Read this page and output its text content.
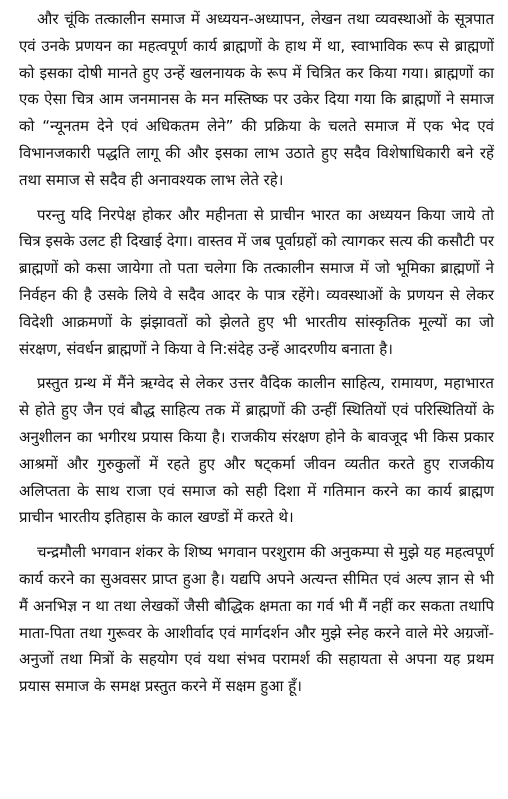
और चूंकि तत्कालीन समाज में अध्ययन-अध्यापन, लेखन तथा व्यवस्थाओं के सूत्रपात एवं उनके प्रणयन का महत्वपूर्ण कार्य ब्राह्मणों के हाथ में था, स्वाभाविक रूप से ब्राह्मणों को इसका दोषी मानते हुए उन्हें खलनायक के रूप में चित्रित कर किया गया। ब्राह्मणों का एक ऐसा चित्र आम जनमानस के मन मस्तिष्क पर उकेर दिया गया कि ब्राह्मणों ने समाज को “न्यूनतम देने एवं अधिकतम लेने” की प्रक्रिया के चलते समाज में एक भेद एवं विभानजकारी पद्धति लागू की और इसका लाभ उठाते हुए सदैव विशेषाधिकारी बने रहें तथा समाज से सदैव ही अनावश्यक लाभ लेते रहे।

परन्तु यदि निरपेक्ष होकर और महीनता से प्राचीन भारत का अध्ययन किया जाये तो चित्र इसके उलट ही दिखाई देगा। वास्तव में जब पूर्वाग्रहों को त्यागकर सत्य की कसौटी पर ब्राह्मणों को कसा जायेगा तो पता चलेगा कि तत्कालीन समाज में जो भूमिका ब्राह्मणों ने निर्वहन की है उसके लिये वे सदैव आदर के पात्र रहेंगे। व्यवस्थाओं के प्रणयन से लेकर विदेशी आक्रमणों के झंझावतों को झेलते हुए भी भारतीय सांस्कृतिक मूल्यों का जो संरक्षण, संवर्धन ब्राह्मणों ने किया वे नि:संदेह उन्हें आदरणीय बनाता है।

प्रस्तुत ग्रन्थ में मैंने ऋग्वेद से लेकर उत्तर वैदिक कालीन साहित्य, रामायण, महाभारत से होते हुए जैन एवं बौद्ध साहित्य तक में ब्राह्मणों की उन्हीं स्थितियों एवं परिस्थितियों के अनुशीलन का भगीरथ प्रयास किया है। राजकीय संरक्षण होने के बावजूद भी किस प्रकार आश्रमों और गुरुकुलों में रहते हुए और षट्कर्मा जीवन व्यतीत करते हुए राजकीय अलिप्तता के साथ राजा एवं समाज को सही दिशा में गतिमान करने का कार्य ब्राह्मण प्राचीन भारतीय इतिहास के काल खण्डों में करते थे।

चन्द्रमौली भगवान शंकर के शिष्य भगवान परशुराम की अनुकम्पा से मुझे यह महत्वपूर्ण कार्य करने का सुअवसर प्राप्त हुआ है। यद्यपि अपने अत्यन्त सीमित एवं अल्प ज्ञान से भी मैं अनभिज्ञ न था तथा लेखकों जैसी बौद्धिक क्षमता का गर्व भी मैं नहीं कर सकता तथापि माता-पिता तथा गुरूवर के आशीर्वाद एवं मार्गदर्शन और मुझे स्नेह करने वाले मेरे अग्रजों-अनुजों तथा मित्रों के सहयोग एवं यथा संभव परामर्श की सहायता से अपना यह प्रथम प्रयास समाज के समक्ष प्रस्तुत करने में सक्षम हुआ हूँ।
